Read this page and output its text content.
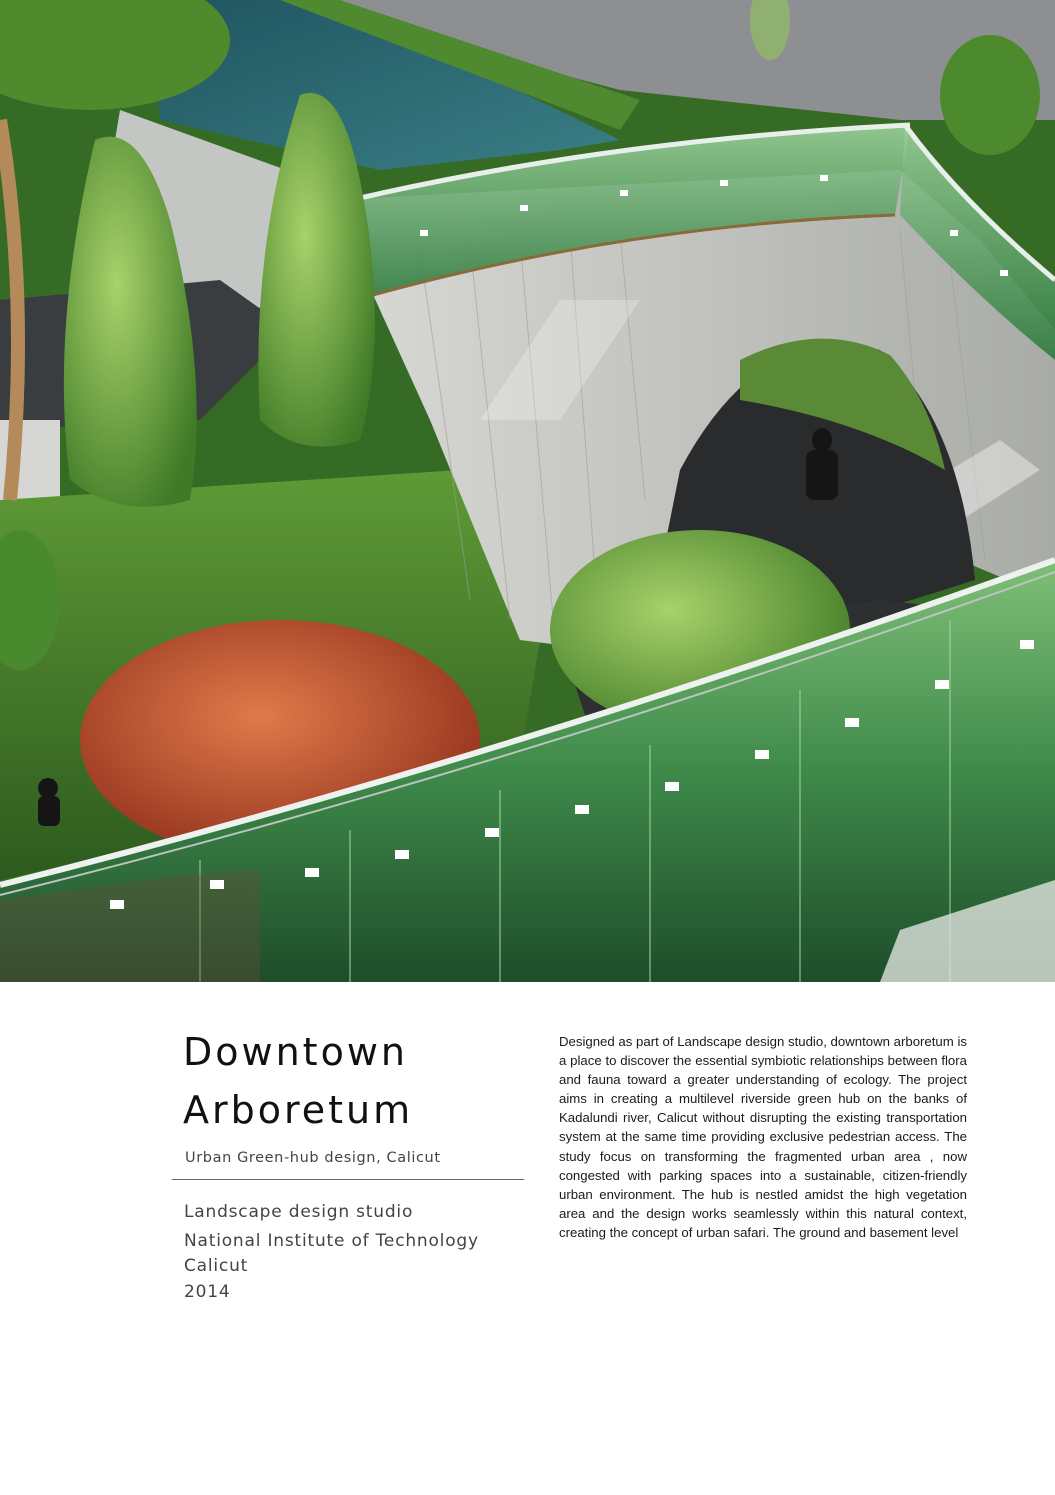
Downtown
Arboretum
Urban Green-hub design, Calicut
Landscape design studio
National Institute of Technology
Calicut
2014

Designed as part of Landscape design studio, downtown arboretum is a place to discover the essential symbiotic relationships between flora and fauna toward a greater understanding of ecology. The project aims in creating a multilevel riverside green hub on the banks of Kadalundi river, Calicut without disrupting the existing transportation system at the same time providing exclusive pedestrian access. The study focus on transforming the fragmented urban area , now congested with parking spaces into a sustainable, citizen-friendly urban environment. The hub is nestled amidst the high vegetation area and the design works seamlessly within this natural context, creating the concept of urban safari. The ground and basement level
